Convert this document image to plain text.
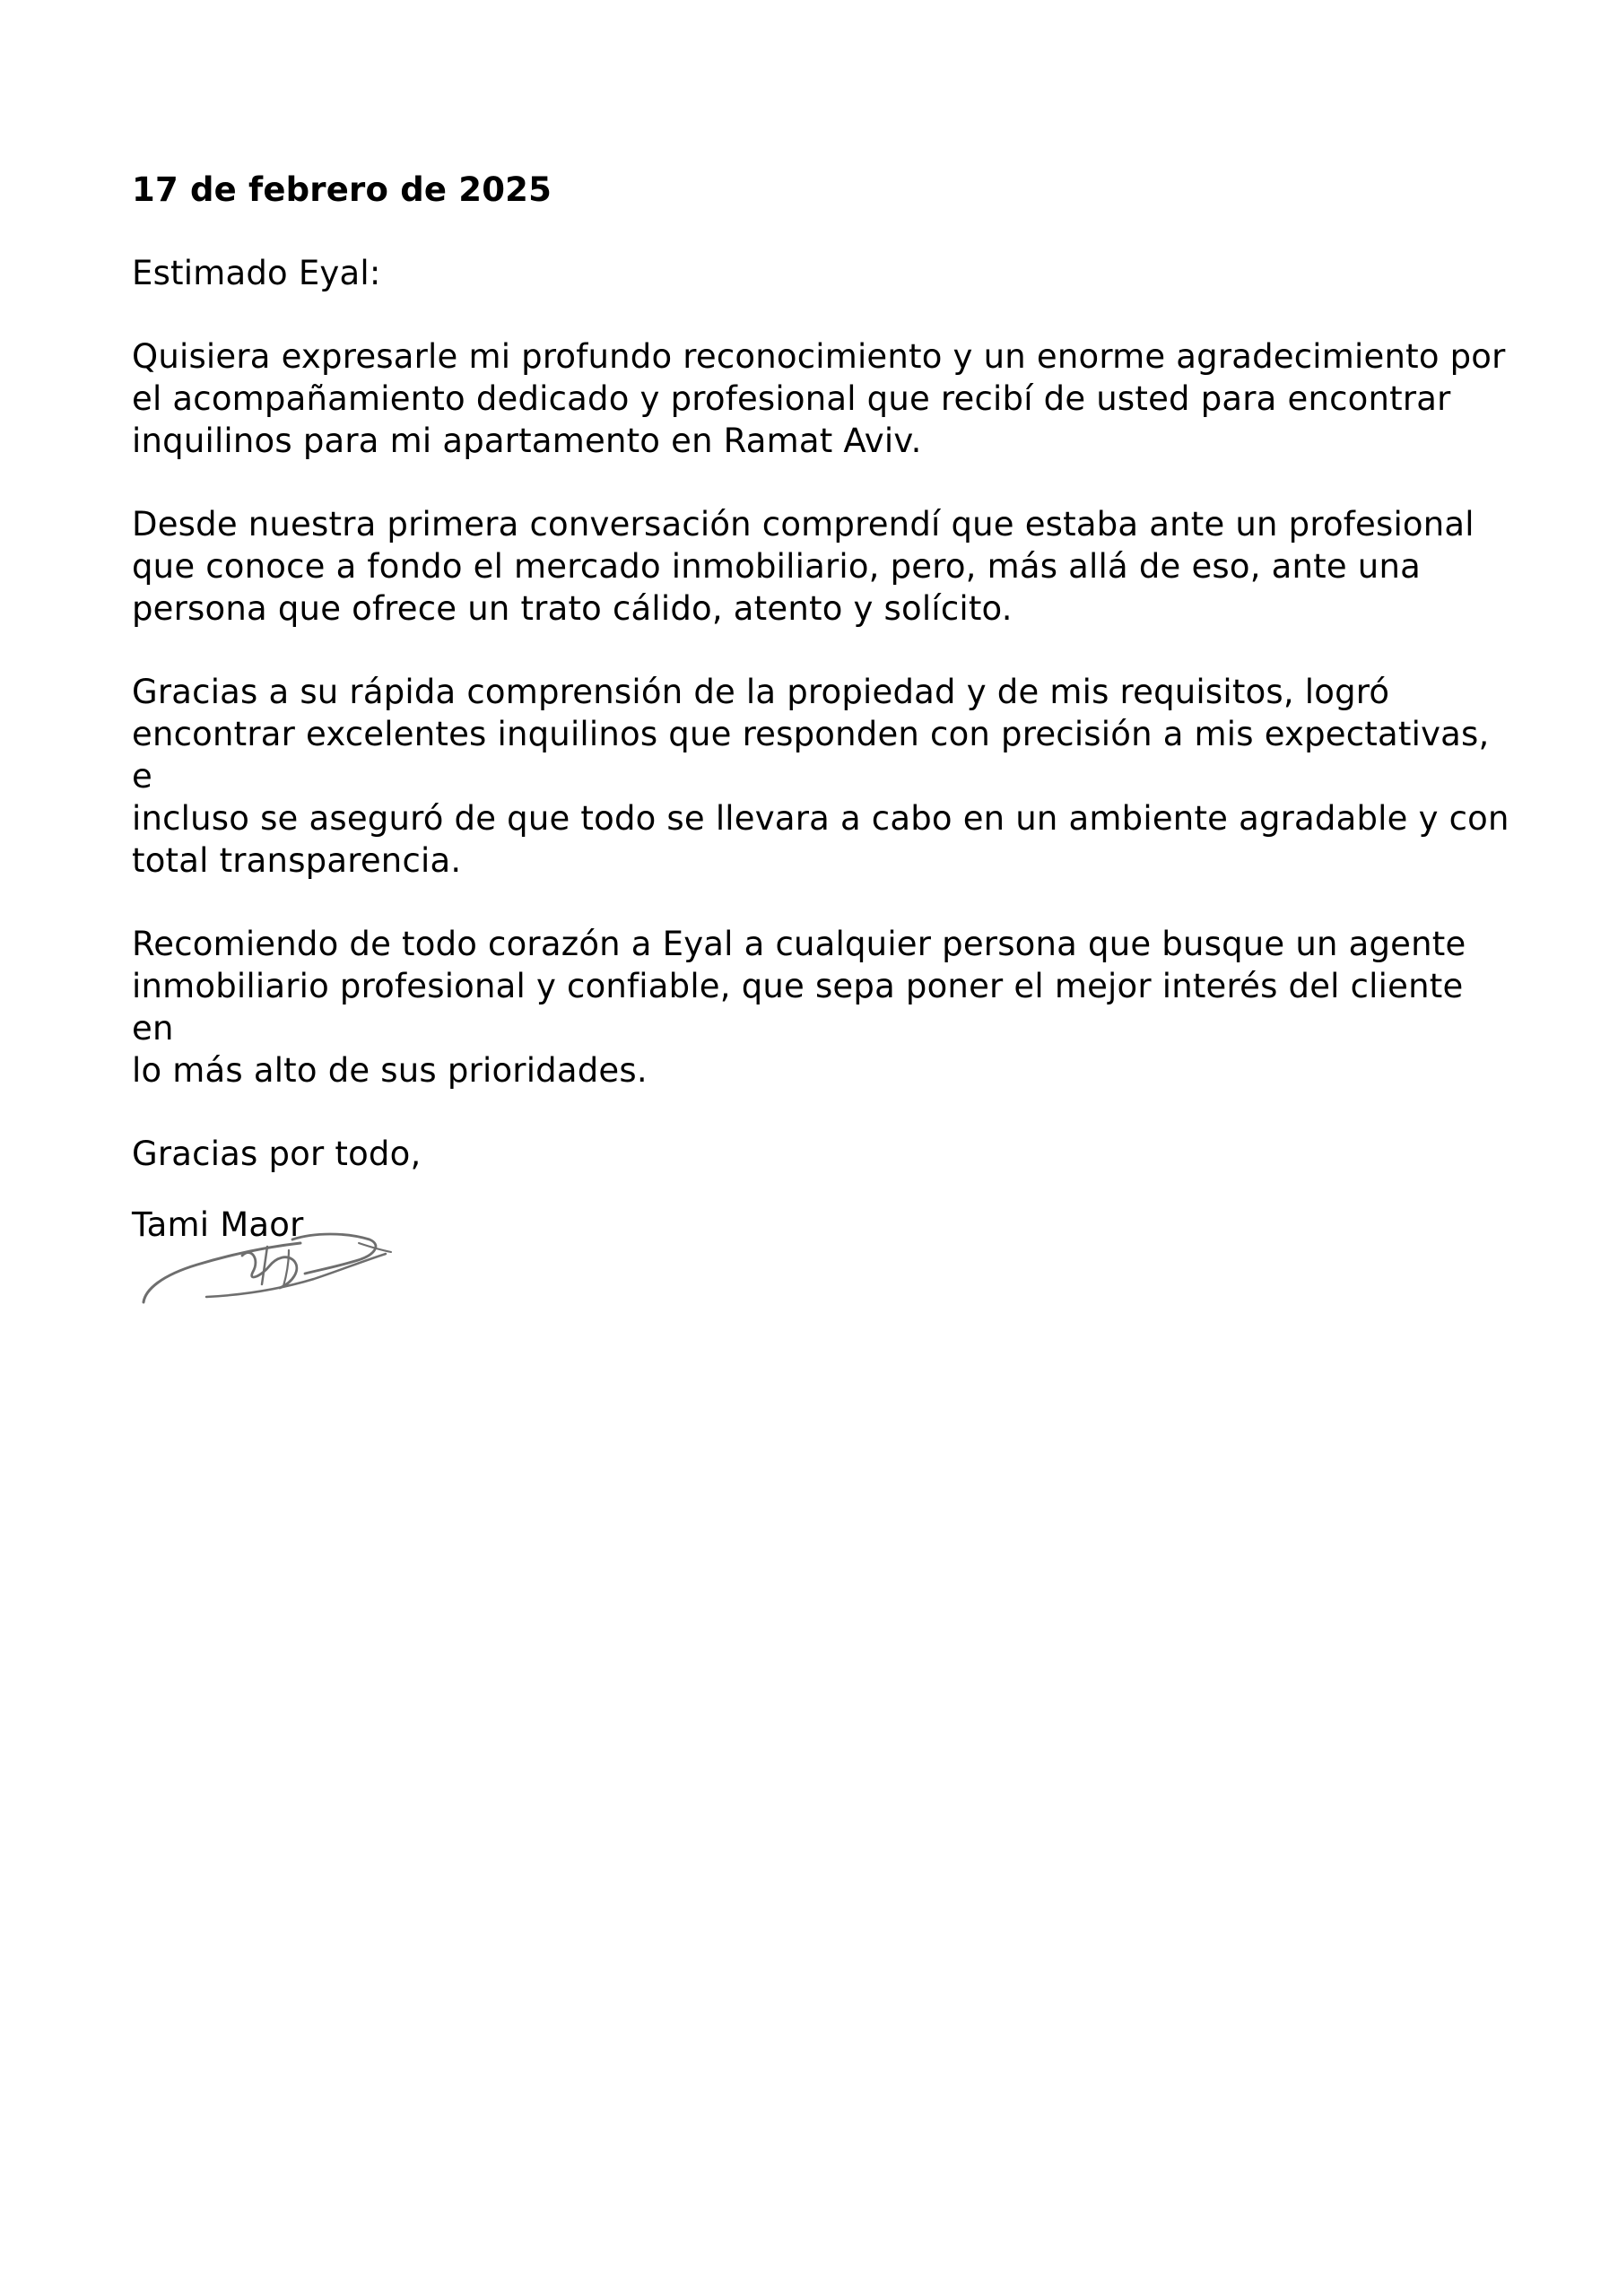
17 de febrero de 2025
Estimado Eyal:
Quisiera expresarle mi profundo reconocimiento y un enorme agradecimiento por
el acompañamiento dedicado y profesional que recibí de usted para encontrar
inquilinos para mi apartamento en Ramat Aviv.
Desde nuestra primera conversación comprendí que estaba ante un profesional
que conoce a fondo el mercado inmobiliario, pero, más allá de eso, ante una
persona que ofrece un trato cálido, atento y solícito.
Gracias a su rápida comprensión de la propiedad y de mis requisitos, logró
encontrar excelentes inquilinos que responden con precisión a mis expectativas, e
incluso se aseguró de que todo se llevara a cabo en un ambiente agradable y con
total transparencia.
Recomiendo de todo corazón a Eyal a cualquier persona que busque un agente
inmobiliario profesional y confiable, que sepa poner el mejor interés del cliente en
lo más alto de sus prioridades.
Gracias por todo,
Tami Maor
